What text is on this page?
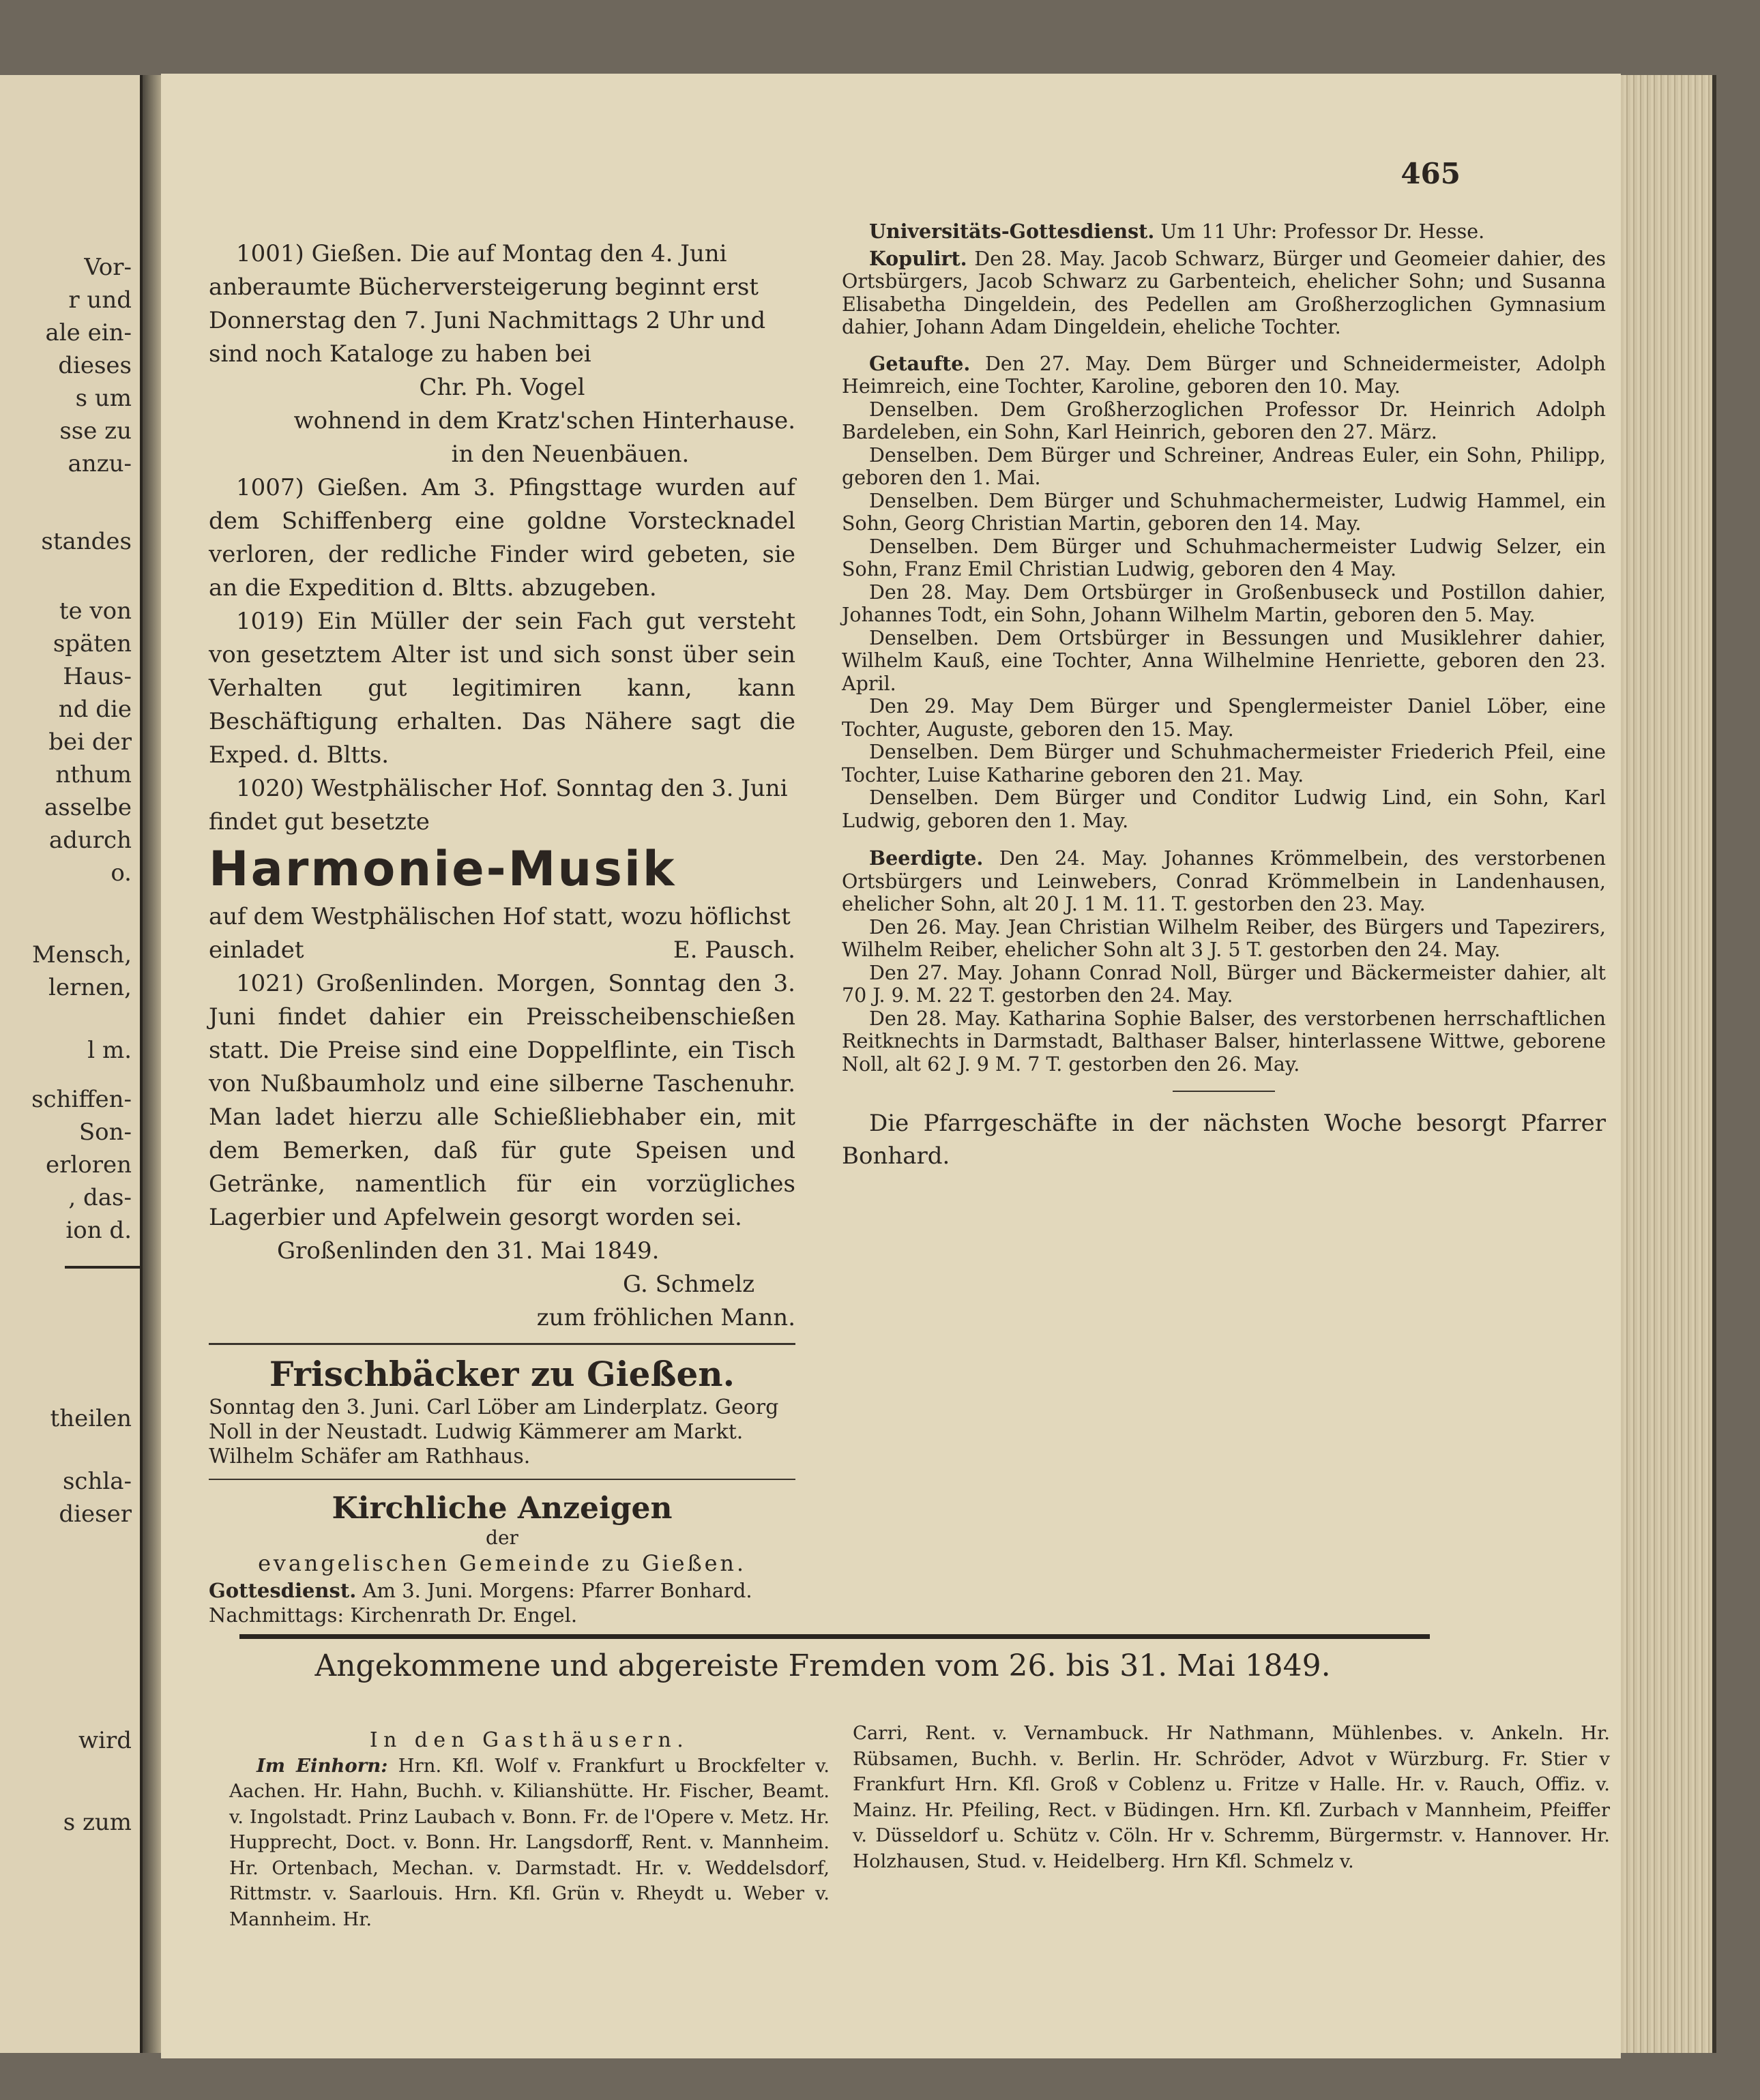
Vor-
r und
ale ein-
dieses
s um
sse zu
anzu-
standes
te von
späten
Haus-
nd die
bei der
nthum
asselbe
adurch
o.
Mensch,
lernen,
l m.
schiffen-
Son-
erloren
, das-
ion d.
theilen
schla-
dieser
wird
s zum
465

1001) Gießen. Die auf Montag den 4. Juni anberaumte Bücherversteigerung beginnt erst Donnerstag den 7. Juni Nachmittags 2 Uhr und sind noch Kataloge zu haben bei

Chr. Ph. Vogel

wohnend in dem Kratz'schen Hinterhause.

in den Neuenbäuen.

1007) Gießen. Am 3. Pfingsttage wurden auf dem Schiffenberg eine goldne Vorstecknadel verloren, der redliche Finder wird gebeten, sie an die Expedition d. Bltts. abzugeben.

1019) Ein Müller der sein Fach gut versteht von gesetztem Alter ist und sich sonst über sein Verhalten gut legitimiren kann, kann Beschäftigung erhalten. Das Nähere sagt die Exped. d. Bltts.

1020) Westphälischer Hof. Sonntag den 3. Juni findet gut besetzte

Harmonie-Musik

auf dem Westphälischen Hof statt, wozu höflichst einladet	E. Pausch.

1021) Großenlinden. Morgen, Sonntag den 3. Juni findet dahier ein Preisscheibenschießen statt. Die Preise sind eine Doppelflinte, ein Tisch von Nußbaumholz und eine silberne Taschenuhr. Man ladet hierzu alle Schießliebhaber ein, mit dem Bemerken, daß für gute Speisen und Getränke, namentlich für ein vorzügliches Lagerbier und Apfelwein gesorgt worden sei.

Großenlinden den 31. Mai 1849.

G. Schmelz

zum fröhlichen Mann.

Frischbäcker zu Gießen.

Sonntag den 3. Juni. Carl Löber am Linderplatz. Georg Noll in der Neustadt. Ludwig Kämmerer am Markt. Wilhelm Schäfer am Rathhaus.

Kirchliche Anzeigen

der

evangelischen Gemeinde zu Gießen.

Gottesdienst. Am 3. Juni. Morgens: Pfarrer Bonhard. Nachmittags: Kirchenrath Dr. Engel.

Universitäts-Gottesdienst. Um 11 Uhr: Professor Dr. Hesse.

Kopulirt. Den 28. May. Jacob Schwarz, Bürger und Geomeier dahier, des Ortsbürgers, Jacob Schwarz zu Garbenteich, ehelicher Sohn; und Susanna Elisabetha Dingeldein, des Pedellen am Großherzoglichen Gymnasium dahier, Johann Adam Dingeldein, eheliche Tochter.

Getaufte. Den 27. May. Dem Bürger und Schneidermeister, Adolph Heimreich, eine Tochter, Karoline, geboren den 10. May.

Denselben. Dem Großherzoglichen Professor Dr. Heinrich Adolph Bardeleben, ein Sohn, Karl Heinrich, geboren den 27. März.

Denselben. Dem Bürger und Schreiner, Andreas Euler, ein Sohn, Philipp, geboren den 1. Mai.

Denselben. Dem Bürger und Schuhmachermeister, Ludwig Hammel, ein Sohn, Georg Christian Martin, geboren den 14. May.

Denselben. Dem Bürger und Schuhmachermeister Ludwig Selzer, ein Sohn, Franz Emil Christian Ludwig, geboren den 4 May.

Den 28. May. Dem Ortsbürger in Großenbuseck und Postillon dahier, Johannes Todt, ein Sohn, Johann Wilhelm Martin, geboren den 5. May.

Denselben. Dem Ortsbürger in Bessungen und Musiklehrer dahier, Wilhelm Kauß, eine Tochter, Anna Wilhelmine Henriette, geboren den 23. April.

Den 29. May Dem Bürger und Spenglermeister Daniel Löber, eine Tochter, Auguste, geboren den 15. May.

Denselben. Dem Bürger und Schuhmachermeister Friederich Pfeil, eine Tochter, Luise Katharine geboren den 21. May.

Denselben. Dem Bürger und Conditor Ludwig Lind, ein Sohn, Karl Ludwig, geboren den 1. May.

Beerdigte. Den 24. May. Johannes Krömmelbein, des verstorbenen Ortsbürgers und Leinwebers, Conrad Krömmelbein in Landenhausen, ehelicher Sohn, alt 20 J. 1 M. 11. T. gestorben den 23. May.

Den 26. May. Jean Christian Wilhelm Reiber, des Bürgers und Tapezirers, Wilhelm Reiber, ehelicher Sohn alt 3 J. 5 T. gestorben den 24. May.

Den 27. May. Johann Conrad Noll, Bürger und Bäckermeister dahier, alt 70 J. 9. M. 22 T. gestorben den 24. May.

Den 28. May. Katharina Sophie Balser, des verstorbenen herrschaftlichen Reitknechts in Darmstadt, Balthaser Balser, hinterlassene Wittwe, geborene Noll, alt 62 J. 9 M. 7 T. gestorben den 26. May.

Die Pfarrgeschäfte in der nächsten Woche besorgt Pfarrer Bonhard.

Angekommene und abgereiste Fremden vom 26. bis 31. Mai 1849.

In den Gasthäusern.

Im Einhorn: Hrn. Kfl. Wolf v. Frankfurt u Brockfelter v. Aachen. Hr. Hahn, Buchh. v. Kilianshütte. Hr. Fischer, Beamt. v. Ingolstadt. Prinz Laubach v. Bonn. Fr. de l'Opere v. Metz. Hr. Hupprecht, Doct. v. Bonn. Hr. Langsdorff, Rent. v. Mannheim. Hr. Ortenbach, Mechan. v. Darmstadt. Hr. v. Weddelsdorf, Rittmstr. v. Saarlouis. Hrn. Kfl. Grün v. Rheydt u. Weber v. Mannheim. Hr.

Carri, Rent. v. Vernambuck. Hr Nathmann, Mühlenbes. v. Ankeln. Hr. Rübsamen, Buchh. v. Berlin. Hr. Schröder, Advot v Würzburg. Fr. Stier v Frankfurt Hrn. Kfl. Groß v Coblenz u. Fritze v Halle. Hr. v. Rauch, Offiz. v. Mainz. Hr. Pfeiling, Rect. v Büdingen. Hrn. Kfl. Zurbach v Mannheim, Pfeiffer v. Düsseldorf u. Schütz v. Cöln. Hr v. Schremm, Bürgermstr. v. Hannover. Hr. Holzhausen, Stud. v. Heidelberg. Hrn Kfl. Schmelz v.
